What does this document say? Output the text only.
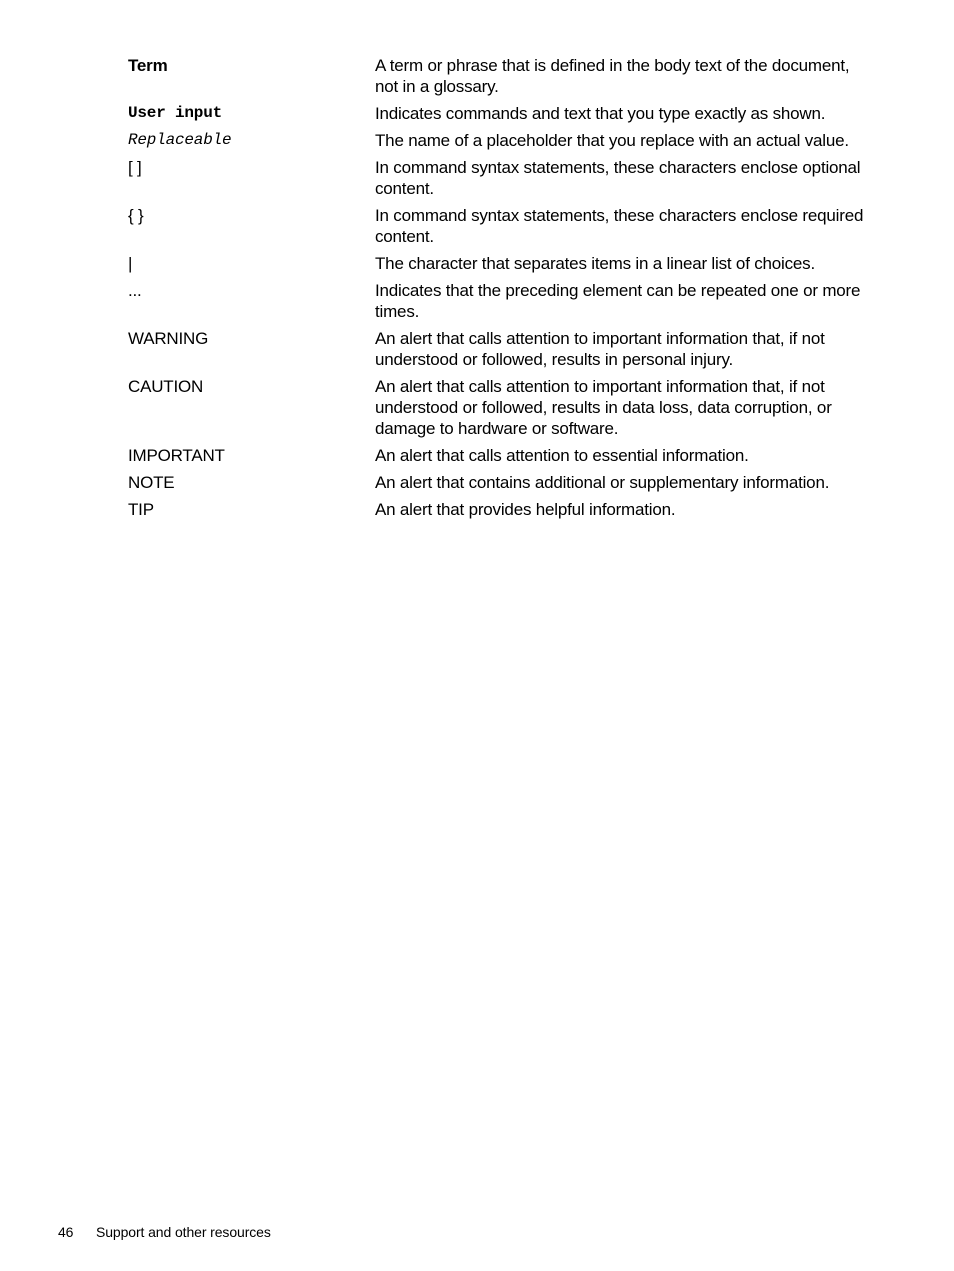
Term	A term or phrase that is defined in the body text of the document, not in a glossary.
User input	Indicates commands and text that you type exactly as shown.
Replaceable	The name of a placeholder that you replace with an actual value.
[ ]	In command syntax statements, these characters enclose optional content.
{ }	In command syntax statements, these characters enclose required content.
|	The character that separates items in a linear list of choices.
...	Indicates that the preceding element can be repeated one or more times.
WARNING	An alert that calls attention to important information that, if not understood or followed, results in personal injury.
CAUTION	An alert that calls attention to important information that, if not understood or followed, results in data loss, data corruption, or damage to hardware or software.
IMPORTANT	An alert that calls attention to essential information.
NOTE	An alert that contains additional or supplementary information.
TIP	An alert that provides helpful information.
46	Support and other resources
